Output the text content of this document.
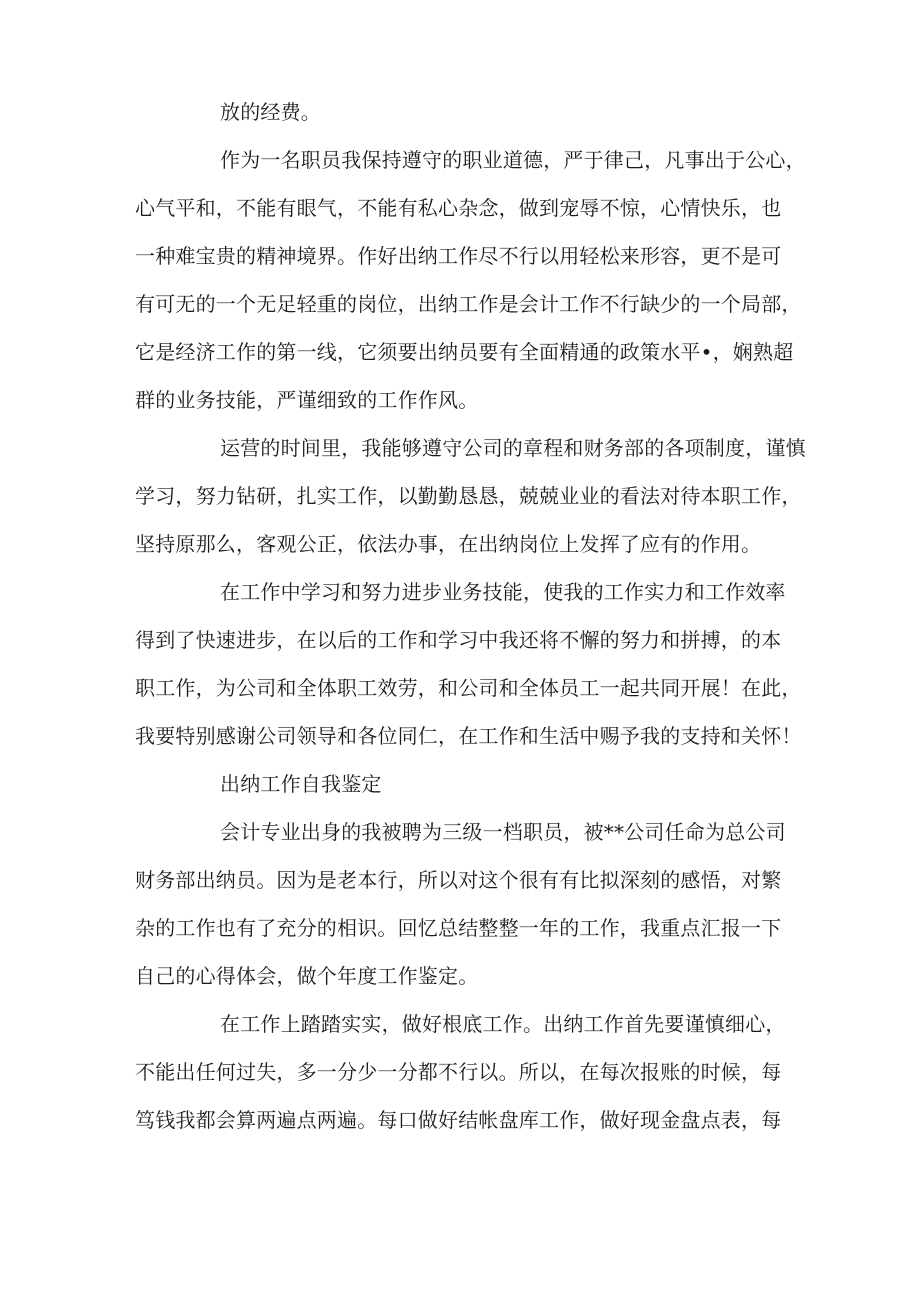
放的经费。
作为一名职员我保持遵守的职业道德，严于律己，凡事出于公心，
心气平和，不能有眼气，不能有私心杂念，做到宠辱不惊，心情快乐，也
一种难宝贵的精神境界。作好出纳工作尽不行以用轻松来形容，更不是可
有可无的一个无足轻重的岗位，出纳工作是会计工作不行缺少的一个局部，
它是经济工作的第一线，它须要出纳员要有全面精通的政策水平•，娴熟超
群的业务技能，严谨细致的工作作风。
运营的时间里，我能够遵守公司的章程和财务部的各项制度，谨慎
学习，努力钻研，扎实工作，以勤勤恳恳，兢兢业业的看法对待本职工作，
坚持原那么，客观公正，依法办事，在出纳岗位上发挥了应有的作用。
在工作中学习和努力进步业务技能，使我的工作实力和工作效率
得到了快速进步，在以后的工作和学习中我还将不懈的努力和拼搏，的本
职工作，为公司和全体职工效劳，和公司和全体员工一起共同开展！在此，
我要特别感谢公司领导和各位同仁，在工作和生活中赐予我的支持和关怀！
出纳工作自我鉴定
会计专业出身的我被聘为三级一档职员，被**公司任命为总公司
财务部出纳员。因为是老本行，所以对这个很有有比拟深刻的感悟，对繁
杂的工作也有了充分的相识。回忆总结整整一年的工作，我重点汇报一下
自己的心得体会，做个年度工作鉴定。
在工作上踏踏实实，做好根底工作。出纳工作首先要谨慎细心，
不能出任何过失，多一分少一分都不行以。所以，在每次报账的时候，每
笃钱我都会算两遍点两遍。每口做好结帐盘库工作，做好现金盘点表，每
